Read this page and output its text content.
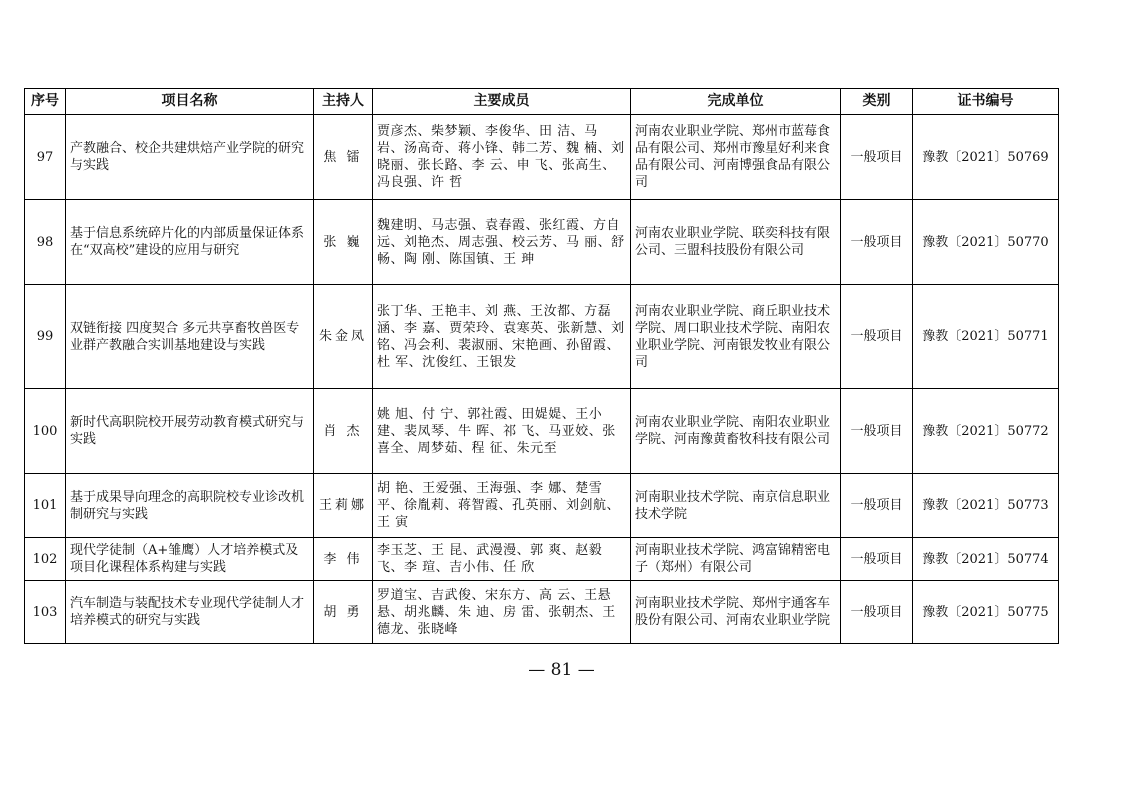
序号	项目名称	主持人	主要成员	完成单位	类别	证书编号
97	产教融合、校企共建烘焙产业学院的研究与实践	焦 镭	贾彦杰、柴梦颖、李俊华、田 洁、马 岩、汤高奇、蒋小锋、韩二芳、魏 楠、刘晓丽、张长路、李 云、申 飞、张高生、冯良强、许 哲	河南农业职业学院、郑州市蓝莓食品有限公司、郑州市豫星好利来食品有限公司、河南博强食品有限公司	一般项目	豫教〔2021〕50769
98	基于信息系统碎片化的内部质量保证体系在“双高校”建设的应用与研究	张 巍	魏建明、马志强、袁春霞、张红霞、方自远、刘艳杰、周志强、校云芳、马 丽、舒 畅、陶 刚、陈国镇、王 珅	河南农业职业学院、联奕科技有限公司、三盟科技股份有限公司	一般项目	豫教〔2021〕50770
99	双链衔接 四度契合 多元共享畜牧兽医专业群产教融合实训基地建设与实践	朱金凤	张丁华、王艳丰、刘 燕、王汝都、方磊涵、李 嘉、贾荣玲、袁寒英、张新慧、刘 铭、冯会利、裴淑丽、宋艳画、孙留霞、杜 军、沈俊红、王银发	河南农业职业学院、商丘职业技术学院、周口职业技术学院、南阳农业职业学院、河南银发牧业有限公司	一般项目	豫教〔2021〕50771
100	新时代高职院校开展劳动教育模式研究与实践	肖 杰	姚 旭、付 宁、郭社霞、田媞媞、王小建、裴凤琴、牛 晖、祁 飞、马亚姣、张喜全、周梦茹、程 征、朱元至	河南农业职业学院、南阳农业职业学院、河南豫黄畜牧科技有限公司	一般项目	豫教〔2021〕50772
101	基于成果导向理念的高职院校专业诊改机制研究与实践	王莉娜	胡 艳、王爱强、王海强、李 娜、楚雪平、徐胤莉、蒋智霞、孔英丽、刘剑航、王 寅	河南职业技术学院、南京信息职业技术学院	一般项目	豫教〔2021〕50773
102	现代学徒制（A+雏鹰）人才培养模式及项目化课程体系构建与实践	李 伟	李玉芝、王 昆、武漫漫、郭 爽、赵毅飞、李 瑄、吉小伟、任 欣	河南职业技术学院、鸿富锦精密电子（郑州）有限公司	一般项目	豫教〔2021〕50774
103	汽车制造与装配技术专业现代学徒制人才培养模式的研究与实践	胡 勇	罗道宝、吉武俊、宋东方、高 云、王悬悬、胡兆麟、朱 迪、房 雷、张朝杰、王德龙、张晓峰	河南职业技术学院、郑州宇通客车股份有限公司、河南农业职业学院	一般项目	豫教〔2021〕50775
— 81 —
